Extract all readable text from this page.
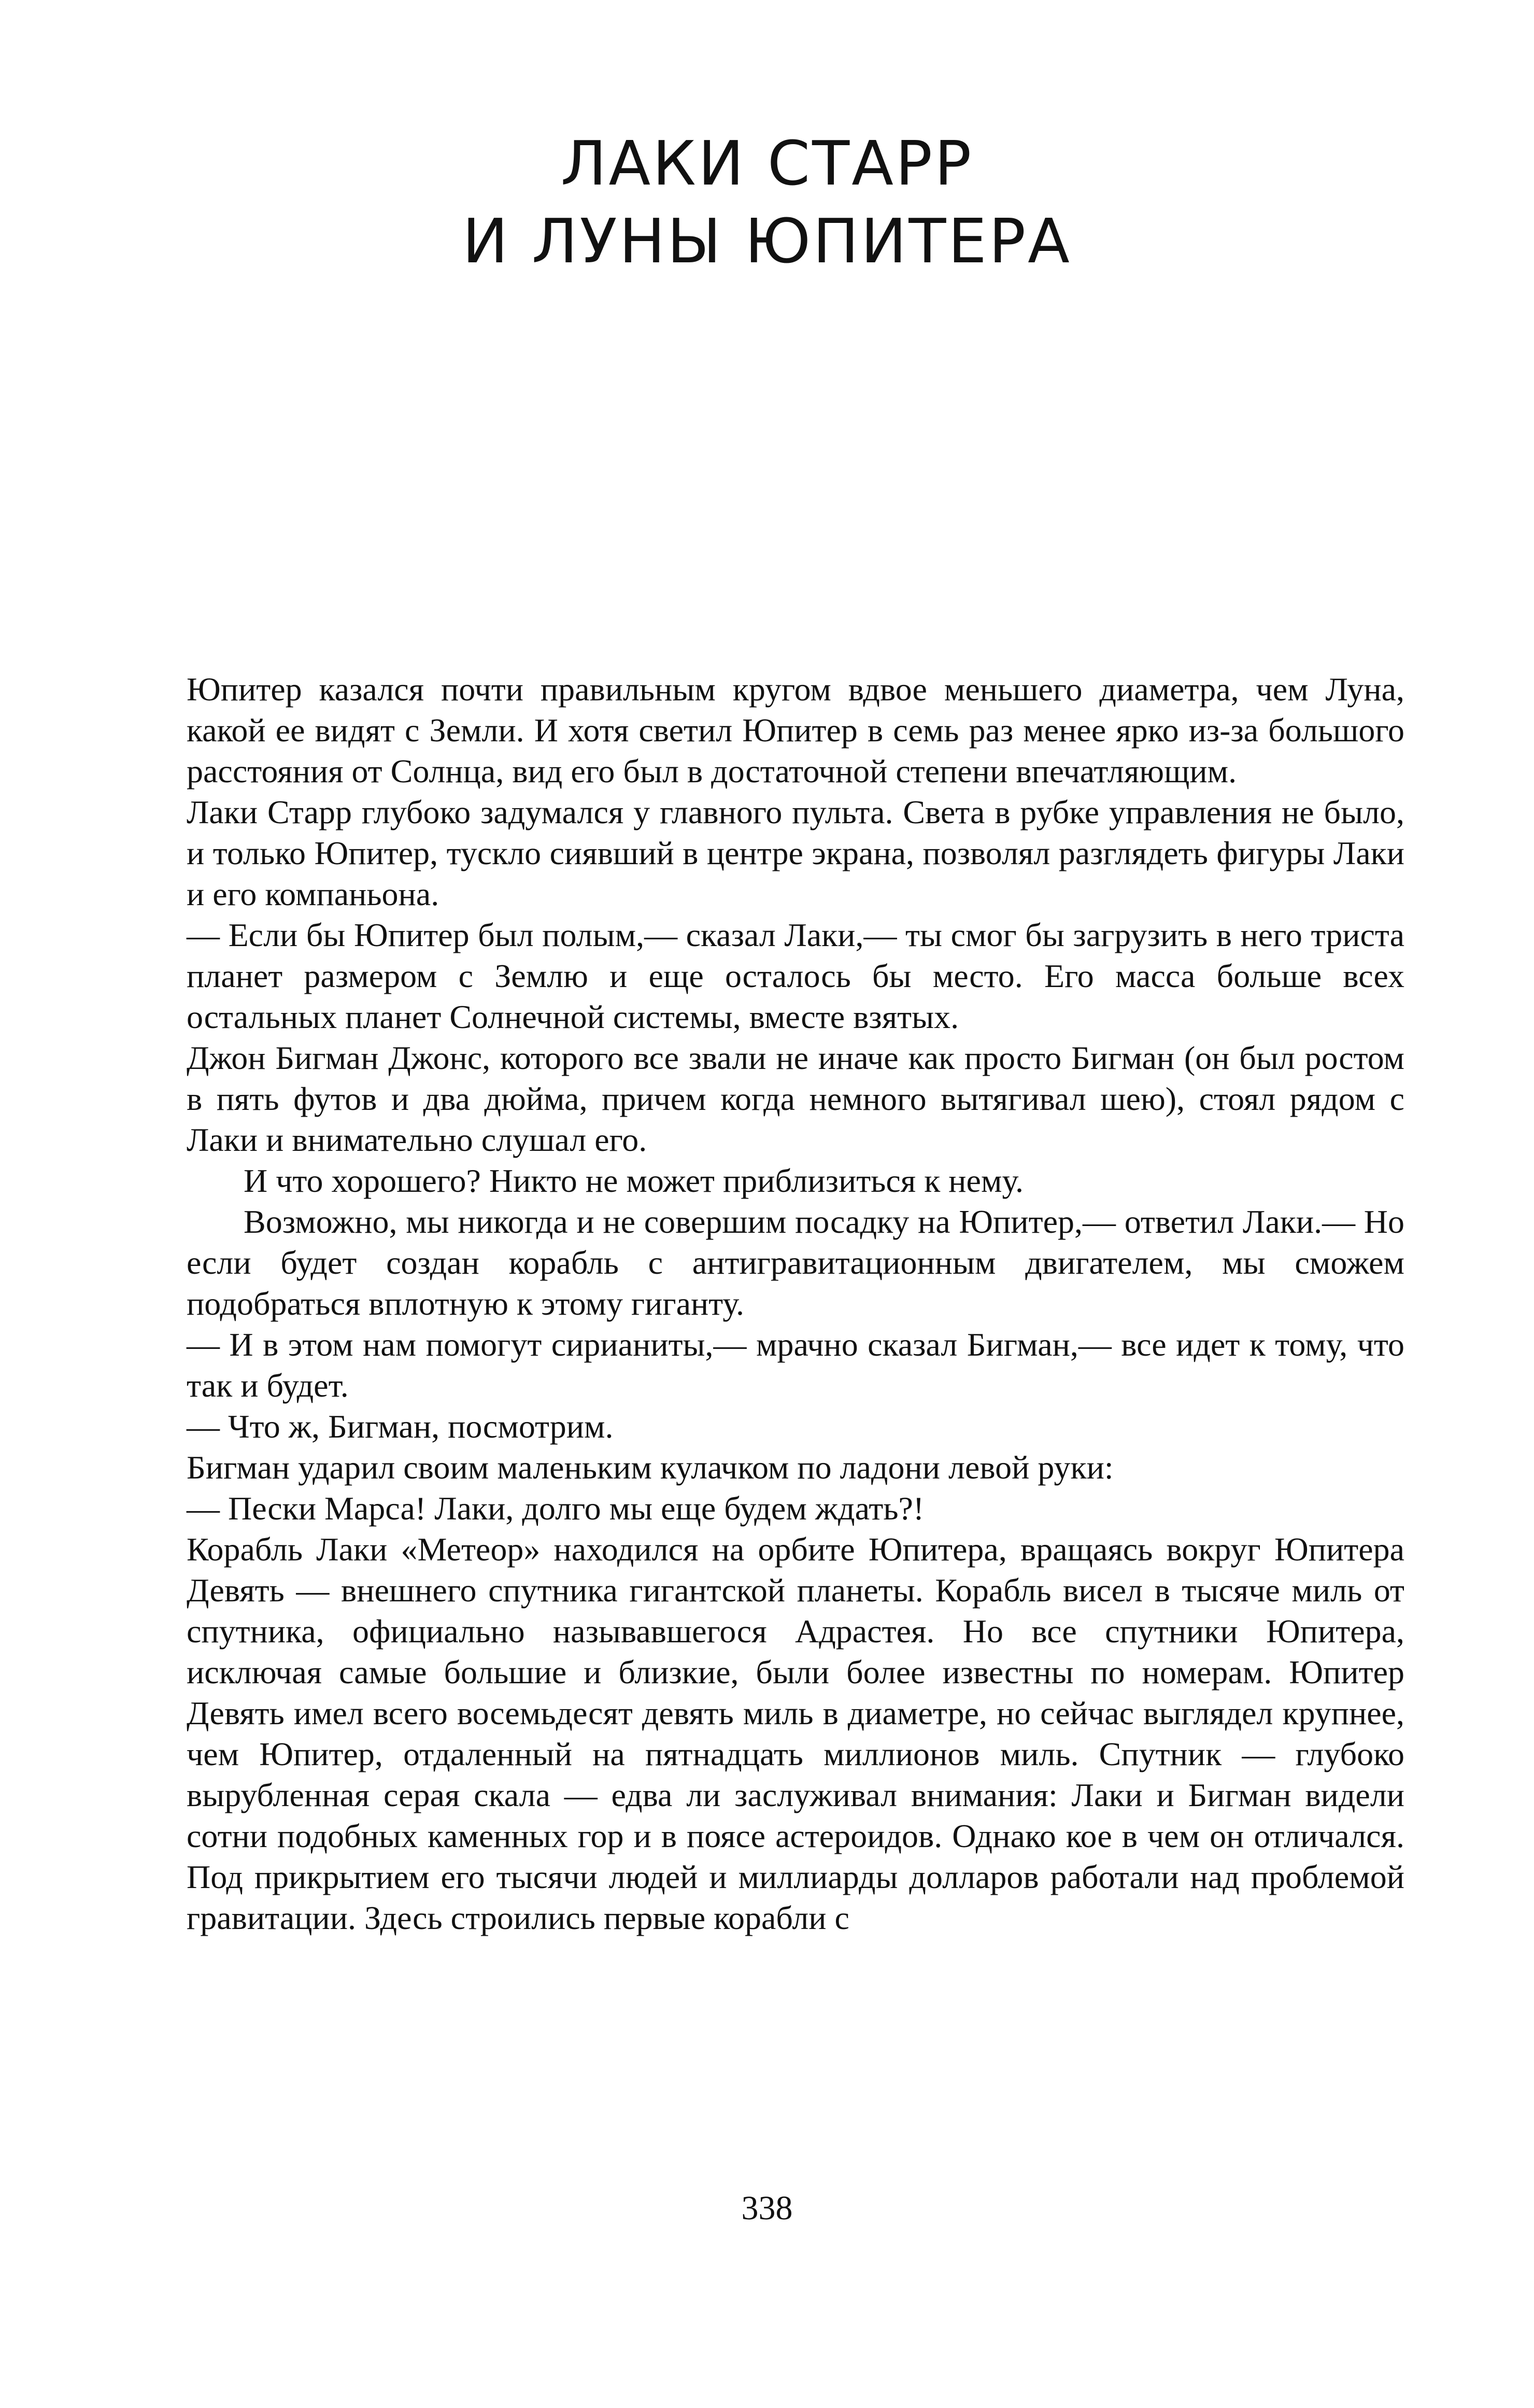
ЛАКИ СТАРР
И ЛУНЫ ЮПИТЕРА

Юпитер казался почти правильным кругом вдвое меньшего диаметра, чем Луна, какой ее видят с Земли. И хотя светил Юпитер в семь раз менее ярко из-за большого расстояния от Солнца, вид его был в достаточной степени впечатляющим.

Лаки Старр глубоко задумался у главного пульта. Света в рубке управления не было, и только Юпитер, тускло сиявший в центре экрана, позволял разглядеть фигуры Лаки и его компаньона.

— Если бы Юпитер был полым,— сказал Лаки,— ты смог бы загрузить в него триста планет размером с Землю и еще осталось бы место. Его масса больше всех остальных планет Солнечной системы, вместе взятых.

Джон Бигман Джонс, которого все звали не иначе как просто Бигман (он был ростом в пять футов и два дюйма, причем когда немного вытягивал шею), стоял рядом с Лаки и внимательно слушал его.

И что хорошего? Никто не может приблизиться к нему.

Возможно, мы никогда и не совершим посадку на Юпитер,— ответил Лаки.— Но если будет создан корабль с антигравитационным двигателем, мы сможем подобраться вплотную к этому гиганту.

— И в этом нам помогут сирианиты,— мрачно сказал Бигман,— все идет к тому, что так и будет.

— Что ж, Бигман, посмотрим.

Бигман ударил своим маленьким кулачком по ладони левой руки:

— Пески Марса! Лаки, долго мы еще будем ждать?!

Корабль Лаки «Метеор» находился на орбите Юпитера, вращаясь вокруг Юпитера Девять — внешнего спутника гигантской планеты. Корабль висел в тысяче миль от спутника, официально называвшегося Адрастея. Но все спутники Юпитера, исключая самые большие и близкие, были более известны по номерам. Юпитер Девять имел всего восемьдесят девять миль в диаметре, но сейчас выглядел крупнее, чем Юпитер, отдаленный на пятнадцать миллионов миль. Спутник — глубоко вырубленная серая скала — едва ли заслуживал внимания: Лаки и Бигман видели сотни подобных каменных гор и в поясе астероидов. Однако кое в чем он отличался. Под прикрытием его тысячи людей и миллиарды долларов работали над проблемой гравитации. Здесь строились первые корабли с

338
